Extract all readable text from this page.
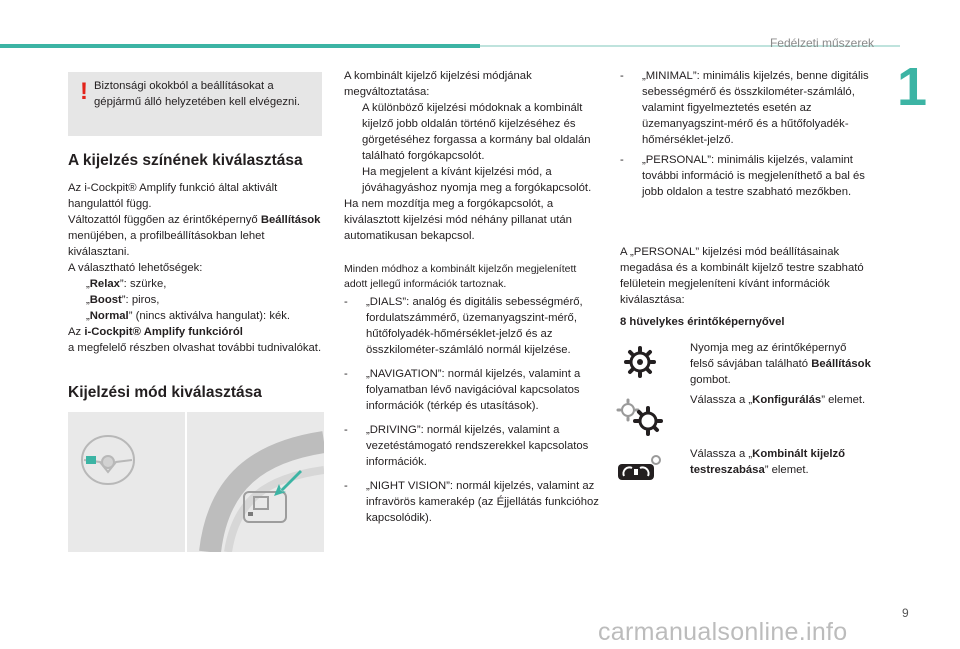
Fedélzeti műszerek
1
! Biztonsági okokból a beállításokat a gépjármű álló helyzetében kell elvégezni.
A kijelzés színének kiválasztása

Az i-Cockpit® Amplify funkció által aktivált hangulattól függ.

Változattól függően az érintőképernyő Beállítások menüjében, a profilbeállításokban lehet kiválasztani.

A választható lehetőségek:

„Relax”: szürke,

„Boost”: piros,

„Normal” (nincs aktiválva hangulat): kék.

Az i-Cockpit® Amplify funkcióról
a megfelelő részben olvashat további tudnivalókat.

Kijelzési mód kiválasztása

A kombinált kijelző kijelzési módjának megváltoztatása:

A különböző kijelzési módoknak a kombinált kijelző jobb oldalán történő kijelzéséhez és görgetéséhez forgassa a kormány bal oldalán található forgókapcsolót.

Ha megjelent a kívánt kijelzési mód, a jóváhagyáshoz nyomja meg a forgókapcsolót.

Ha nem mozdítja meg a forgókapcsolót, a kiválasztott kijelzési mód néhány pillanat után automatikusan bekapcsol.

Minden módhoz a kombinált kijelzőn megjelenített adott jellegű információk tartoznak.

- „DIALS”: analóg és digitális sebességmérő, fordulatszámmérő, üzemanyagszint-mérő, hűtőfolyadék-hőmérséklet-jelző és az összkilométer-számláló normál kijelzése.

- „NAVIGATION”: normál kijelzés, valamint a folyamatban lévő navigációval kapcsolatos információk (térkép és utasítások).

- „DRIVING”: normál kijelzés, valamint a vezetéstámogató rendszerekkel kapcsolatos információk.

- „NIGHT VISION”: normál kijelzés, valamint az infravörös kamerakép (az Éjjellátás funkcióhoz kapcsolódik).

- „MINIMAL”: minimális kijelzés, benne digitális sebességmérő és összkilométer-számláló, valamint figyelmeztetés esetén az üzemanyagszint-mérő és a hűtőfolyadék-hőmérséklet-jelző.

- „PERSONAL”: minimális kijelzés, valamint további információ is megjeleníthető a bal és jobb oldalon a testre szabható mezőkben.

A „PERSONAL” kijelzési mód beállításainak megadása és a kombinált kijelző testre szabható felületein megjeleníteni kívánt információk kiválasztása:
8 hüvelykes érintőképernyővel

Nyomja meg az érintőképernyő felső sávjában található Beállítások gombot.

Válassza a „Konfigurálás” elemet.

Válassza a „Kombinált kijelző testreszabása” elemet.

9
carmanualsonline.info
